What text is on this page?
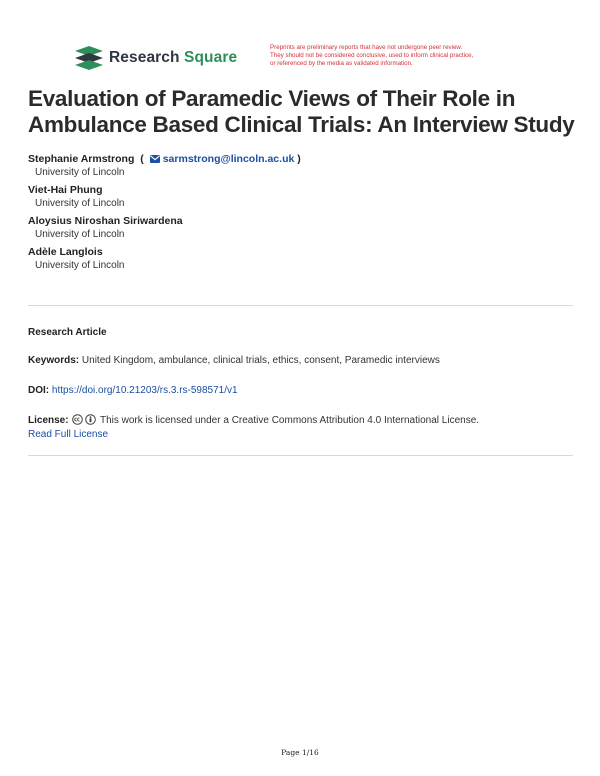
Research Square
Preprints are preliminary reports that have not undergone peer review.
They should not be considered conclusive, used to inform clinical practice,
or referenced by the media as validated information.
Evaluation of Paramedic Views of Their Role in Ambulance Based Clinical Trials: An Interview Study
Stephanie Armstrong  ( sarmstrong@lincoln.ac.uk )
University of Lincoln
Viet-Hai Phung
University of Lincoln
Aloysius Niroshan Siriwardena
University of Lincoln
Adèle Langlois
University of Lincoln
Research Article
Keywords: United Kingdom, ambulance, clinical trials, ethics, consent, Paramedic interviews
DOI: https://doi.org/10.21203/rs.3.rs-598571/v1
License:	This work is licensed under a Creative Commons Attribution 4.0 International License.
Read Full License
Page 1/16
